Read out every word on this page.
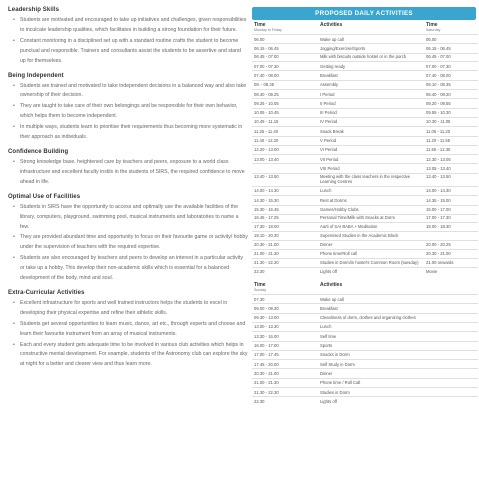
Leadership Skills
• Students are motivated and encouraged to take up initiatives and challenges, given responsibilities to inculcate leadership qualities, which facilitates in building a strong foundation for their future.
• Constant monitoring in a disciplined set up with a standard routine crafts the student to become punctual and responsible. Trainers and consultants assist the students to be assertive and stand up for themselves.
Being Independent
• Students are trained and motivated to take independent decisions in a balanced way and also take ownership of their decision.
• They are taught to take care of their own belongings and be responsible for their own behavior, which helps them to become independent.
• In multiple ways, students learn to prioritise their requirements thus becoming more systematic in their approach as individuals.
Confidence Building
• Strong knowledge base, heightened care by teachers and peers, exposure to a world class infrastructure and excellent faculty instils in the students of SIRS, the required confidence to move ahead in life.
Optimal Use of Facilities
• Students in SIRS have the opportunity to access and optimally use the available facilities of the library, computers, playground, swimming pool, musical instruments and laboratories to name a few.
• They are provided abundant time and opportunity to focus on their favourite game or activity/ hobby under the supervision of teachers with the required expertise.
• Students are also encouraged by teachers and peers to develop an interest in a particular activity or take up a hobby. This develop their non-academic skills which is essential for a balanced development of the body, mind and soul.
Extra-Curricular Activities
• Excellent infrastructure for sports and well trained instructors helps the students to excel in developing their physical expertise and refine their athletic skills.
• Students get several opportunities to learn music, dance, art etc., through experts and choose and learn their favourite instrument from an array of musical instruments.
• Each and every student gets adequate time to be involved in various club activities which helps in constructive mental development. For example, students of the Astronomy club can explore the sky at night for a better and clearer view and thus learn more.
PROPOSED DAILY ACTIVITIES
Time	Activities	Time
Monday to Friday		Saturday
06.00	Wake up call	06.00
06.15 - 06.45	Jogging/Exercise/Sports	06.15 - 06.45
06.45 - 07.00	Milk with biscuits outside hostel or in the porch	06.45 - 07.00
07.00 - 07.30	Getting ready	07.00 - 07.30
07.40 - 08.00	Breakfast	07.40 - 08.00
08. - 08.35	Assembly	08.10 - 08.35
08.40 - 09.25	I Period	08.40 - 09.20
09.25 - 10.05	II Period	09.20 - 09.55
10.05 - 10.45	III Period	09.55 - 10.30
10.45 - 11.15	IV Period	10.30 - 11.05
11.25 - 11.40	Snack Break	11.05 - 11.20
11.40 - 12.20	V Period	11.20 - 11.55
12.20 - 13.00	VI Period	11.55 - 12.30
13.00 - 13.40	VII Period	12.30 - 13.05
	VIII Period	13.05 - 13.40
13.40 - 13.50	Meeting with the class teachers in the respective Learning Centres	13.40 - 13.50
14.00 - 14.30	Lunch	14.00 - 14.30
14.30 - 15.30	Rest at Dorms	14.35 - 15.00
15.30 - 16.45	Games/Hobby Clubs	15.00 - 17.00
16.45 - 17.25	Personal Time/Milk with Snacks at Dorm	17.00 - 17.30
17.30 - 18.00	Aarti of SAI BABA + Meditation	18.00 - 18.30
18.10 - 20.30	Supervised Studies in the Academic Block	
20.30 - 21.00	Dinner	20.00 - 20.25
21.00 - 21.30	Phone time/Roll call	20.30 - 21.00
21.30 - 22.30	Studies in Dorm/in hostel's Common Room (tuesday)	21.00 onwards
22.30	Lights off	Movie
Time	Activities	
Sunday		
07.30	Wake up call	
09.00 - 09.30	Breakfast	
09.30 - 13.00	Cleanliness of dorm, clothes and organizing clothes	
13.00 - 13.30	Lunch	
13.30 - 16.00	Self time	
16.00 - 17.00	Sports	
17.00 - 17.45	Snacks in Dorm	
17.45 - 20.00	Self Study in Dorm	
20.30 - 21.00	Dinner	
21.00 - 21.30	Phone time / Roll Call	
21.30 - 22.30	Studies in Dorm	
22.30	Lights off	
